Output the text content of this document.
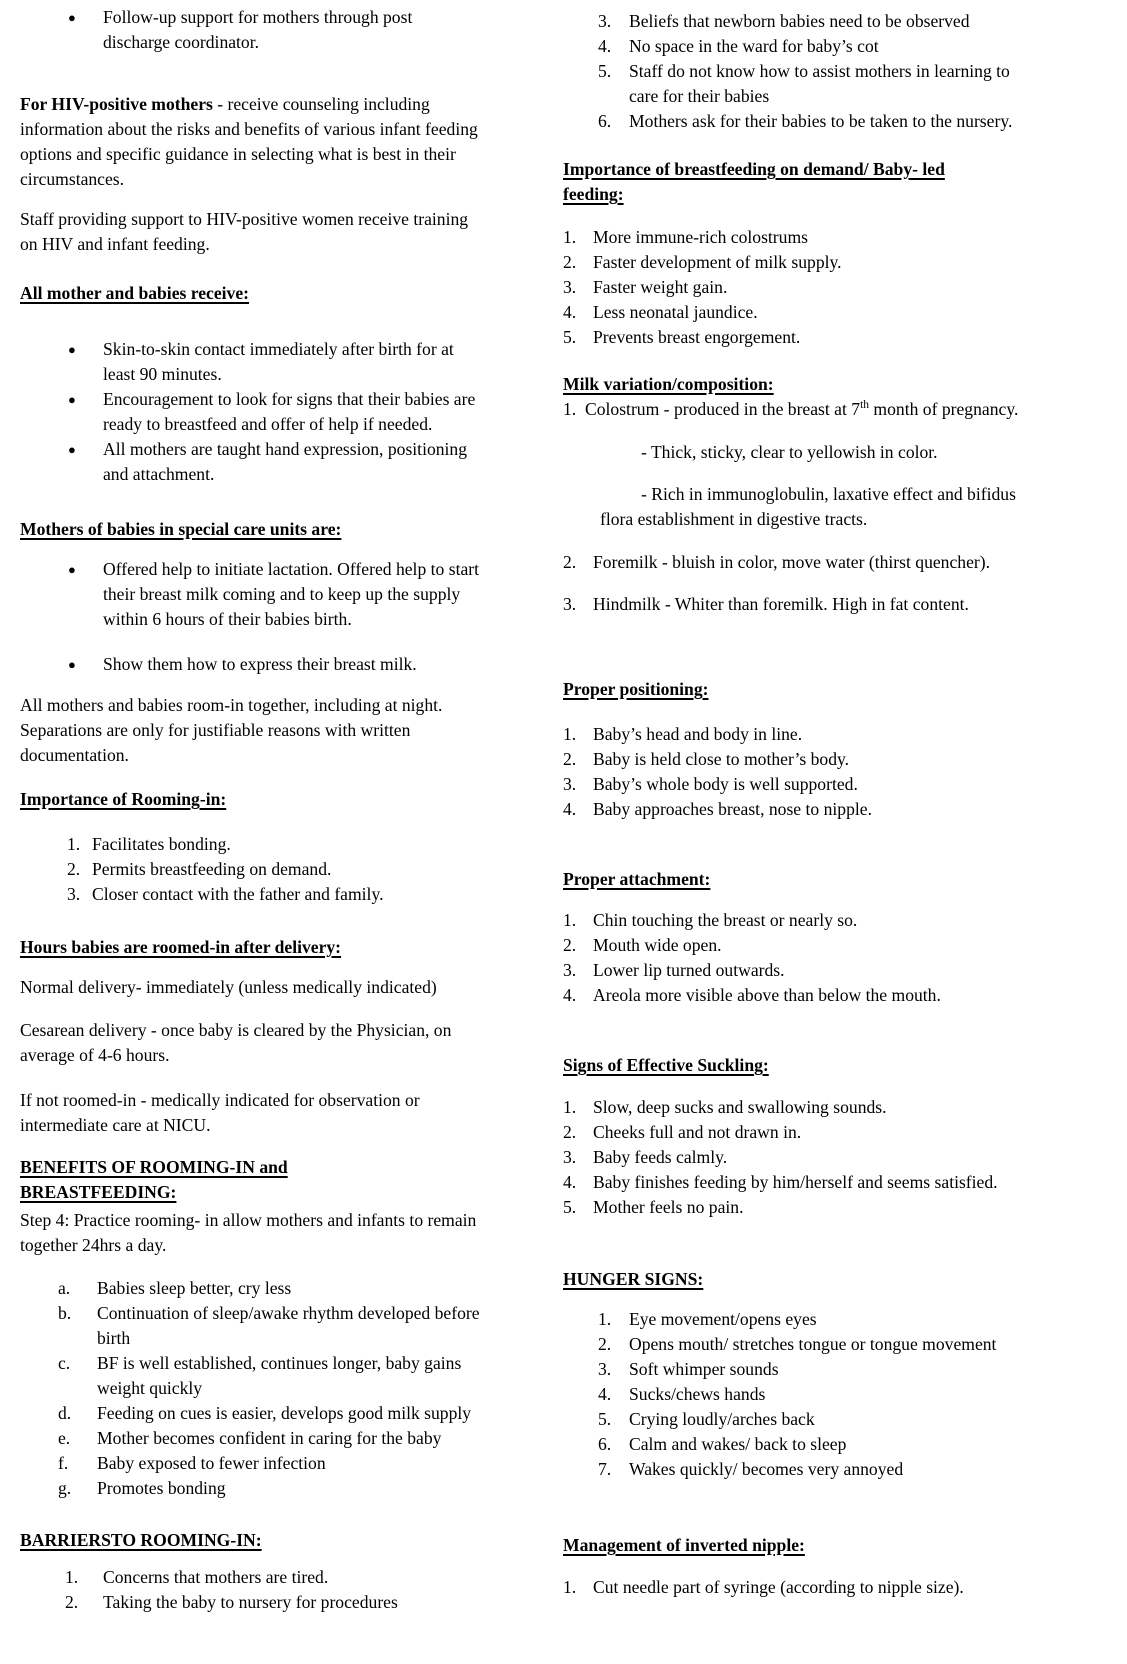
●	Follow-up support for mothers through post discharge coordinator.

For HIV-positive mothers - receive counseling including information about the risks and benefits of various infant feeding options and specific guidance in selecting what is best in their circumstances.

Staff providing support to HIV-positive women receive training on HIV and infant feeding.

All mother and babies receive:

●	Skin-to-skin contact immediately after birth for at least 90 minutes.
●	Encouragement to look for signs that their babies are ready to breastfeed and offer of help if needed.
●	All mothers are taught hand expression, positioning and attachment.

Mothers of babies in special care units are:

●	Offered help to initiate lactation. Offered help to start their breast milk coming and to keep up the supply within 6 hours of their babies birth.
●	Show them how to express their breast milk.

All mothers and babies room-in together, including at night. Separations are only for justifiable reasons with written documentation.

Importance of Rooming-in:

1. Facilitates bonding.
2. Permits breastfeeding on demand.
3. Closer contact with the father and family.

Hours babies are roomed-in after delivery:

Normal delivery- immediately (unless medically indicated)

Cesarean delivery - once baby is cleared by the Physician, on average of 4-6 hours.

If not roomed-in - medically indicated for observation or intermediate care at NICU.

BENEFITS OF ROOMING-IN and
BREASTFEEDING:

Step 4: Practice rooming- in allow mothers and infants to remain together 24hrs a day.

a.	Babies sleep better, cry less
b.	Continuation of sleep/awake rhythm developed before birth
c.	BF is well established, continues longer, baby gains weight quickly
d.	Feeding on cues is easier, develops good milk supply
e.	Mother becomes confident in caring for the baby
f.	Baby exposed to fewer infection
g.	Promotes bonding

BARRIERSTO ROOMING-IN:

1.	Concerns that mothers are tired.
2.	Taking the baby to nursery for procedures
3.	Beliefs that newborn babies need to be observed
4.	No space in the ward for baby’s cot
5.	Staff do not know how to assist mothers in learning to care for their babies
6.	Mothers ask for their babies to be taken to the nursery.

Importance of breastfeeding on demand/ Baby- led
feeding:

1. More immune-rich colostrums
2. Faster development of milk supply.
3. Faster weight gain.
4. Less neonatal jaundice.
5. Prevents breast engorgement.

Milk variation/composition:

1.  Colostrum - produced in the breast at 7th month of pregnancy.

- Thick, sticky, clear to yellowish in color.

- Rich in immunoglobulin, laxative effect and bifidus flora establishment in digestive tracts.

2. Foremilk - bluish in color, move water (thirst quencher).
3. Hindmilk - Whiter than foremilk. High in fat content.

Proper positioning:

1. Baby’s head and body in line.
2. Baby is held close to mother’s body.
3. Baby’s whole body is well supported.
4. Baby approaches breast, nose to nipple.

Proper attachment:

1. Chin touching the breast or nearly so.
2. Mouth wide open.
3. Lower lip turned outwards.
4. Areola more visible above than below the mouth.

Signs of Effective Suckling:

1. Slow, deep sucks and swallowing sounds.
2. Cheeks full and not drawn in.
3. Baby feeds calmly.
4. Baby finishes feeding by him/herself and seems satisfied.
5. Mother feels no pain.

HUNGER SIGNS:

1.	Eye movement/opens eyes
2.	Opens mouth/ stretches tongue or tongue movement
3.	Soft whimper sounds
4.	Sucks/chews hands
5.	Crying loudly/arches back
6.	Calm and wakes/ back to sleep
7.	Wakes quickly/ becomes very annoyed

Management of inverted nipple:

1. Cut needle part of syringe (according to nipple size).
